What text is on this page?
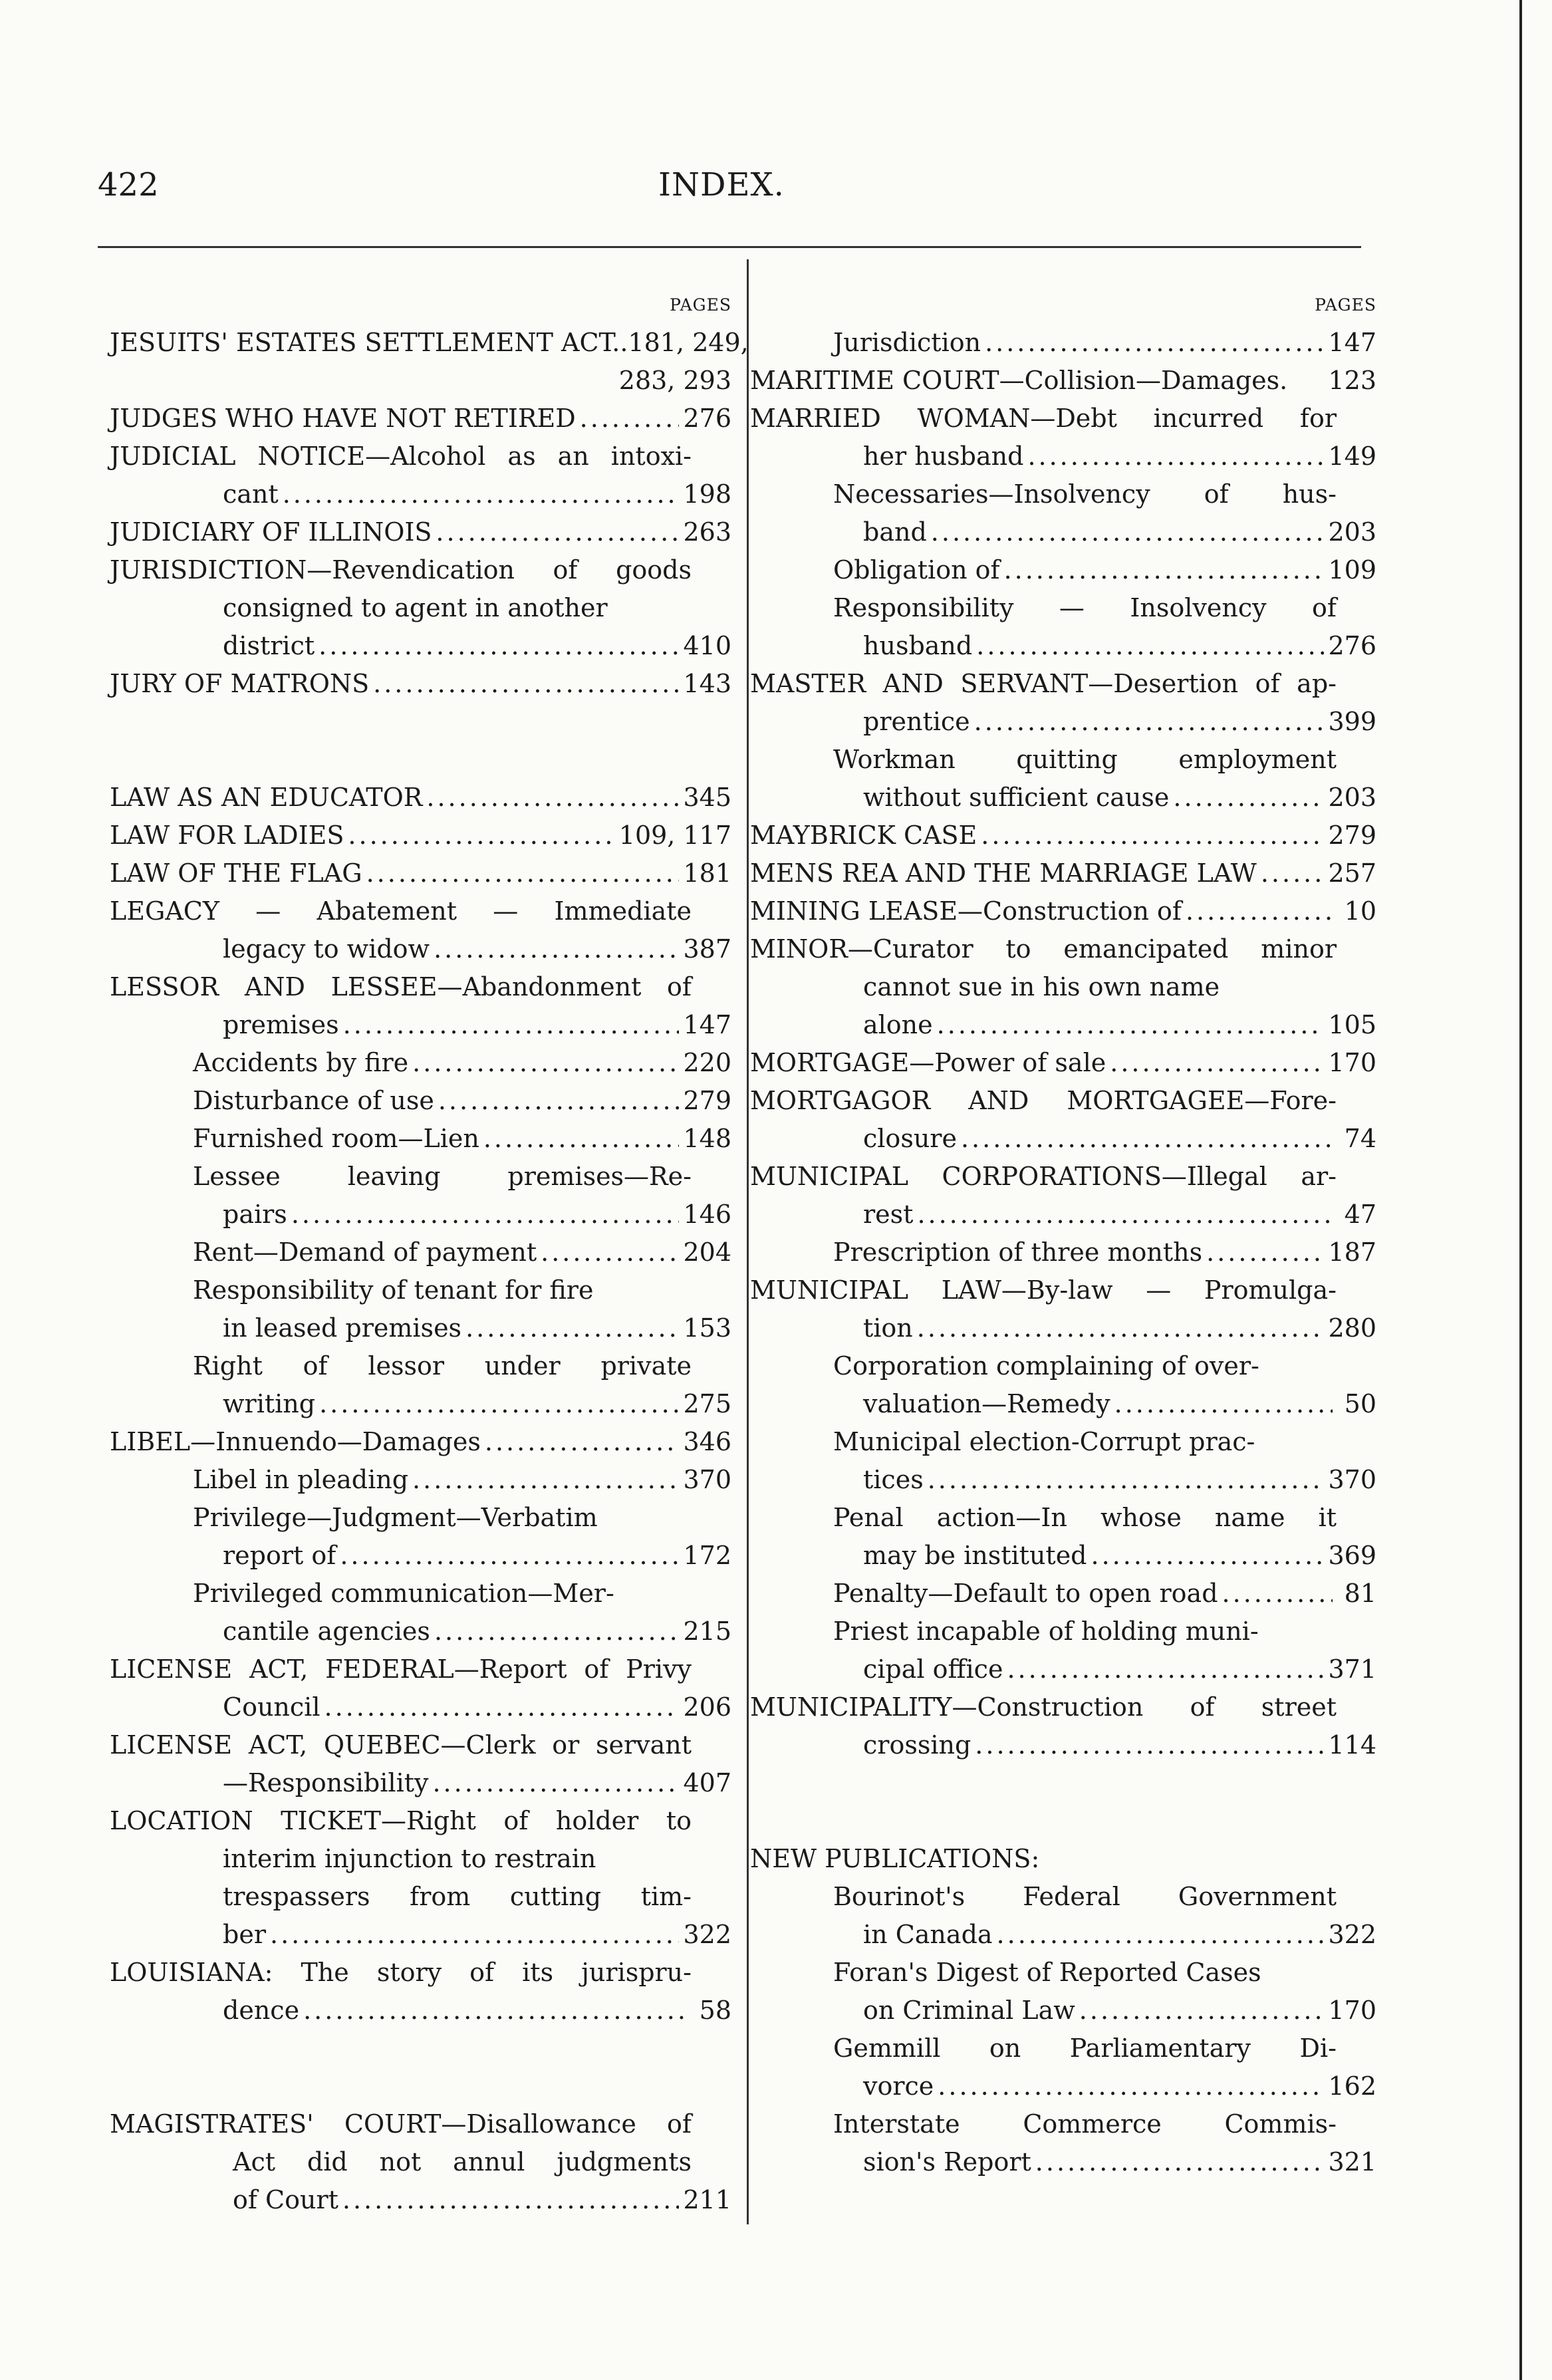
422	INDEX.
PAGES
JESUITS' ESTATES SETTLEMENT ACT..181, 249,
283, 293
JUDGES WHO HAVE NOT RETIRED .....	276
JUDICIAL NOTICE—Alcohol as an intoxi-
cant .....	198
JUDICIARY OF ILLINOIS .....	263
JURISDICTION—Revendication of goods
consigned to agent in another
district .....	410
JURY OF MATRONS .....	143
LAW AS AN EDUCATOR .....	345
LAW FOR LADIES .....	109, 117
LAW OF THE FLAG .....	181
LEGACY — Abatement — Immediate
legacy to widow .....	387
LESSOR AND LESSEE—Abandonment of
premises .....	147
Accidents by fire .....	220
Disturbance of use .....	279
Furnished room—Lien .....	148
Lessee leaving premises—Re-
pairs .....	146
Rent—Demand of payment .....	204
Responsibility of tenant for fire
in leased premises .....	153
Right of lessor under private
writing .....	275
LIBEL—Innuendo—Damages .....	346
Libel in pleading .....	370
Privilege—Judgment—Verbatim
report of .....	172
Privileged communication—Mer-
cantile agencies .....	215
LICENSE ACT, FEDERAL—Report of Privy
Council .....	206
LICENSE ACT, QUEBEC—Clerk or servant
—Responsibility .....	407
LOCATION TICKET—Right of holder to
interim injunction to restrain
trespassers from cutting tim-
ber .....	322
LOUISIANA: The story of its jurispru-
dence .....	58
MAGISTRATES' COURT—Disallowance of
Act did not annul judgments
of Court .....	211
PAGES
Jurisdiction .....	147
MARITIME COURT—Collision—Damages. 123
MARRIED WOMAN—Debt incurred for
her husband .....	149
Necessaries—Insolvency of hus-
band .....	203
Obligation of .....	109
Responsibility — Insolvency of
husband .....	276
MASTER AND SERVANT—Desertion of ap-
prentice .....	399
Workman quitting employment
without sufficient cause .....	203
MAYBRICK CASE .....	279
MENS REA AND THE MARRIAGE LAW .....	257
MINING LEASE—Construction of .....	10
MINOR—Curator to emancipated minor
cannot sue in his own name
alone .....	105
MORTGAGE—Power of sale .....	170
MORTGAGOR AND MORTGAGEE—Fore-
closure .....	74
MUNICIPAL CORPORATIONS—Illegal ar-
rest .....	47
Prescription of three months .....	187
MUNICIPAL LAW—By-law — Promulga-
tion .....	280
Corporation complaining of over-
valuation—Remedy .....	50
Municipal election-Corrupt prac-
tices .....	370
Penal action—In whose name it
may be instituted .....	369
Penalty—Default to open road .....	81
Priest incapable of holding muni-
cipal office .....	371
MUNICIPALITY—Construction of street
crossing .....	114
NEW PUBLICATIONS:
Bourinot's Federal Government
in Canada .....	322
Foran's Digest of Reported Cases
on Criminal Law .....	170
Gemmill on Parliamentary Di-
vorce .....	162
Interstate Commerce Commis-
sion's Report .....	321
